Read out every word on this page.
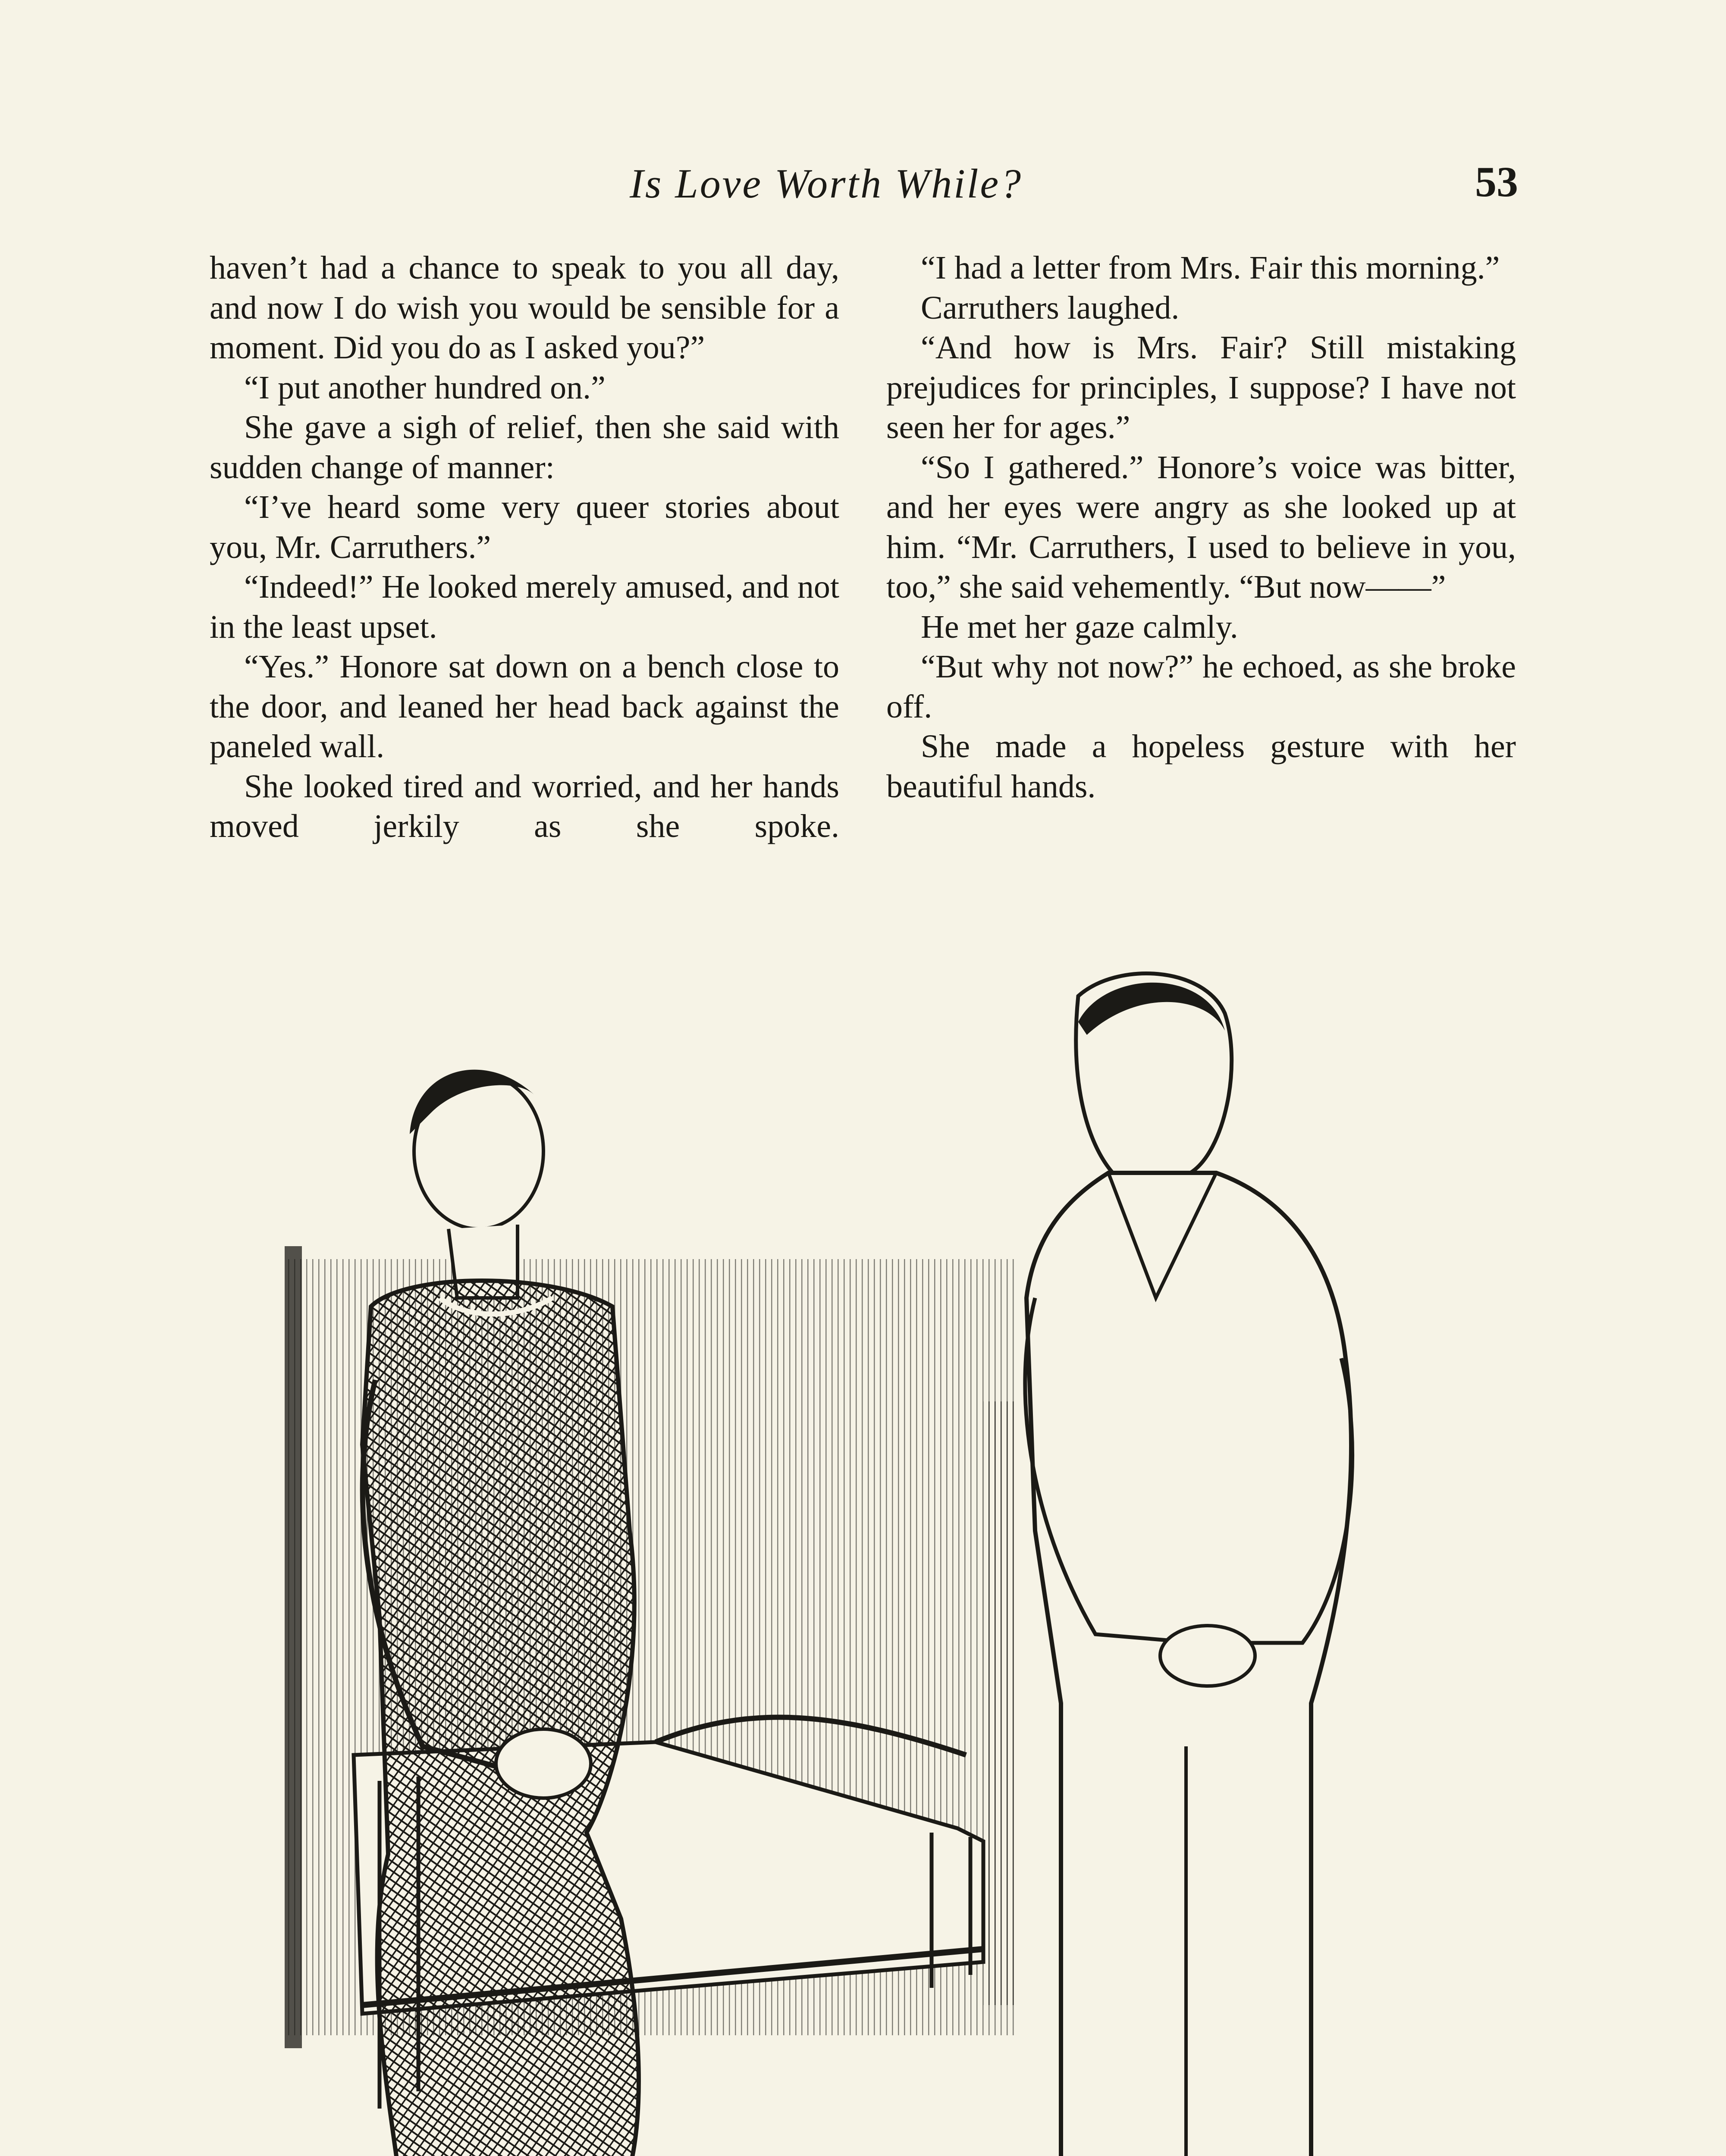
Is Love Worth While?	53

haven’t had a chance to speak to you all day, and now I do wish you would be sensible for a moment. Did you do as I asked you?”

“I put another hundred on.”

She gave a sigh of relief, then she said with sudden change of manner:

“I’ve heard some very queer stories about you, Mr. Carruthers.”

“Indeed!” He looked merely amused, and not in the least upset.

“Yes.” Honore sat down on a bench close to the door, and leaned her head back against the paneled wall.

She looked tired and worried, and her hands moved jerkily as she spoke.

“I had a letter from Mrs. Fair this morning.”

Carruthers laughed.

“And how is Mrs. Fair? Still mistaking prejudices for principles, I suppose? I have not seen her for ages.”

“So I gathered.” Honore’s voice was bitter, and her eyes were angry as she looked up at him. “Mr. Carruthers, I used to believe in you, too,” she said vehemently. “But now——”

He met her gaze calmly.

“But why not now?” he echoed, as she broke off.

She made a hopeless gesture with her beautiful hands.
